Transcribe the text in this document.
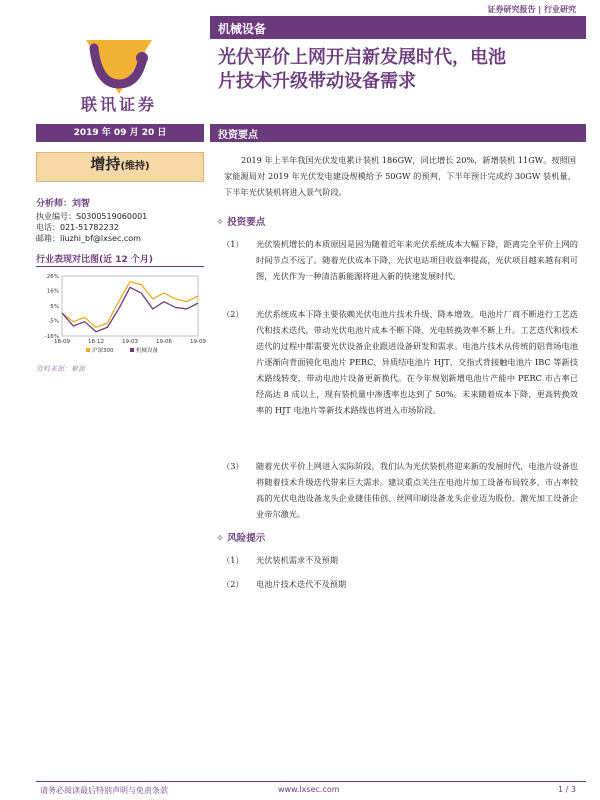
证券研究报告 | 行业研究
联讯证券
机械设备
光伏平价上网开启新发展时代，电池
片技术升级带动设备需求
2019 年 09 月 20 日
增持(维持)
分析师：刘智
执业编号：S0300519060001
电话：021-51782232
邮箱：liuzhi_bf@lxsec.com
行业表现对比图(近 12 个月)
26%
16%
5%
-5%
-16%
18-09	18-12	19-03	19-06	19-09
沪深300	机械设备
资料来源：聚源
投资要点
2019 年上半年我国光伏发电累计装机 186GW，同比增长 20%，新增装机 11GW。按照国家能源局对 2019 年光伏发电建设规模给予 50GW 的预判，下半年预计完成约 30GW 装机量，下半年光伏装机将进入景气阶段。
✧ 投资要点
（1） 光伏装机增长的本质原因是因为随着近年来光伏系统成本大幅下降，距离完全平价上网的时间节点不远了。随着光伏成本下降，光伏电站项目收益率提高，光伏项目越来越有利可图，光伏作为一种清洁新能源将进入新的快速发展时代。
（2） 光伏系统成本下降主要依赖光伏电池片技术升级、降本增效。电池片厂商不断进行工艺迭代和技术迭代，带动光伏电池片成本不断下降、光电转换效率不断上升。工艺迭代和技术迭代的过程中都需要光伏设备企业跟进设备研发和需求。电池片技术从传统的铝背场电池片逐渐向背面钝化电池片 PERC、异质结电池片 HJT、交指式背接触电池片 IBC 等新技术路线转变，带动电池片设备更新换代。在今年规划新增电池片产能中 PERC 市占率已经高达 8 成以上，现有装机量中渗透率也达到了 50%。未来随着成本下降，更高转换效率的 HJT 电池片等新技术路线也将进入市场阶段。
（3） 随着光伏平价上网进入实际阶段，我们认为光伏装机将迎来新的发展时代，电池片设备也将随着技术升级迭代带来巨大需求。建议重点关注在电池片加工设备布局较多，市占率较高的光伏电池设备龙头企业捷佳伟创、丝网印刷设备龙头企业迈为股份、激光加工设备企业帝尔激光。
✧ 风险提示
（1） 光伏装机需求不及预期
（2） 电池片技术迭代不及预期
请务必阅读最后特别声明与免责条款	www.lxsec.com	1 / 3
